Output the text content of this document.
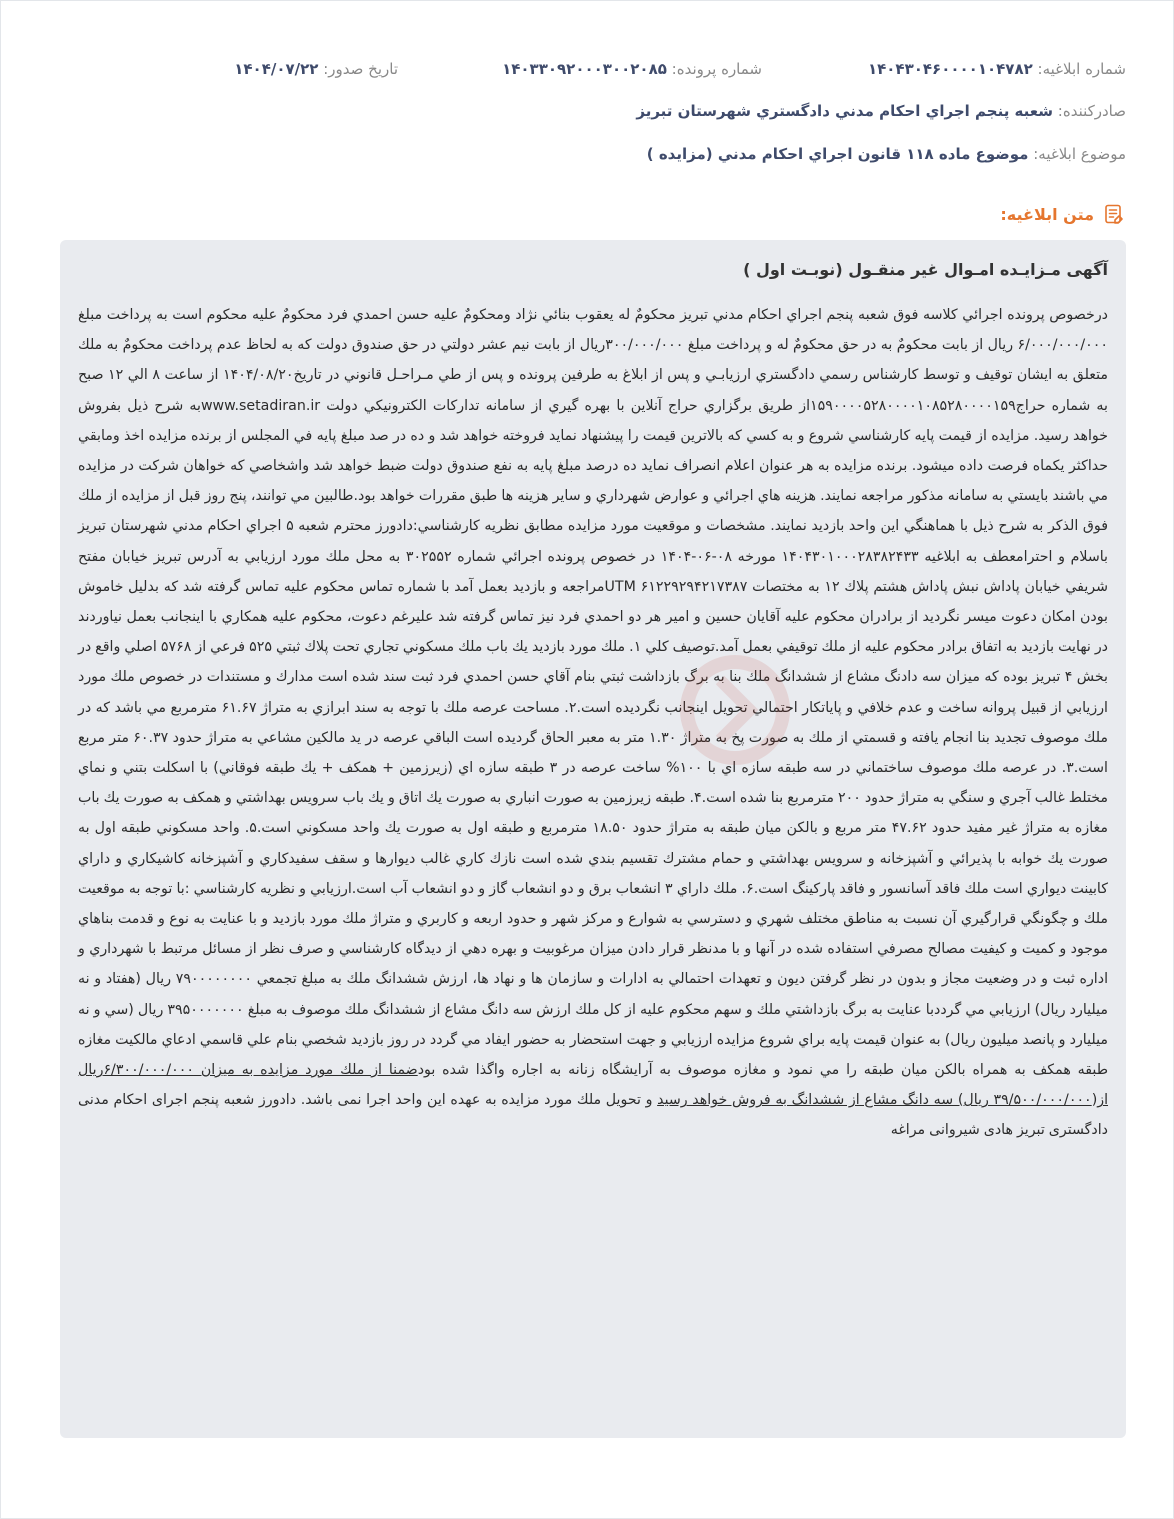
شماره ابلاغیه: ۱۴۰۴۳۰۴۶۰۰۰۰۱۰۴۷۸۲
شماره پرونده: ۱۴۰۳۳۰۹۲۰۰۰۳۰۰۲۰۸۵
تاریخ صدور: ۱۴۰۴/۰۷/۲۲
صادرکننده: شعبه پنجم اجراي احكام مدني دادگستري شهرستان تبريز
موضوع ابلاغیه: موضوع ماده ۱۱۸ قانون اجراي احكام مدني (مزايده )
متن ابلاغیه:
آگهی مـزایـده امـوال غیر منقـول (نوبـت اول )

درخصوص پرونده اجرائي كلاسه فوق شعبه پنجم اجراي احكام مدني تبريز محكومٌ له يعقوب بنائي نژاد ومحكومٌ عليه حسن احمدي فرد محكومٌ عليه محكوم است به پرداخت مبلغ ۶/۰۰۰/۰۰۰/۰۰۰ ريال از بابت محكومٌ به در حق محكومٌ له و پرداخت مبلغ ۳۰۰/۰۰۰/۰۰۰ريال از بابت نيم عشر دولتي در حق صندوق دولت كه به لحاظ عدم پرداخت محكومٌ به ملك متعلق به ايشان توقيف و توسط كارشناس رسمي دادگستري ارزيابـي و پس از ابلاغ به طرفين پرونده و پس از طي مـراحـل قانوني در تاريخ۱۴۰۴/۰۸/۲۰ از ساعت ۸ الي ۱۲ صبح به شماره حراج۱۵۹۰۰۰۰۵۲۸۰۰۰۰۱۰۸۵۲۸۰۰۰۰۱۵۹از طريق برگزاري حراج آنلاين با بهره گيري از سامانه تداركات الكترونيكي دولت www.setadiran.irبه شرح ذيل بفروش خواهد رسيد. مزايده از قيمت پايه كارشناسي شروع و به كسي كه بالاترين قيمت را پيشنهاد نمايد فروخته خواهد شد و ده در صد مبلغ پايه في المجلس از برنده مزايده اخذ ومابقي حداكثر يكماه فرصت داده ميشود. برنده مزايده به هر عنوان اعلام انصراف نمايد ده درصد مبلغ پايه به نفع صندوق دولت ضبط خواهد شد واشخاصي كه خواهان شركت در مزايده مي باشند بايستي به سامانه مذكور مراجعه نمايند. هزينه هاي اجرائي و عوارض شهرداري و ساير هزينه ها طبق مقررات خواهد بود.طالبين مي توانند، پنج روز قبل از مزايده از ملك فوق الذكر به شرح ذيل با هماهنگي اين واحد بازديد نمايند. مشخصات و موقعيت مورد مزايده مطابق نظريه كارشناسي:دادورز محترم شعبه ۵ اجراي احكام مدني شهرستان تبريز باسلام و احترامعطف به ابلاغيه ۱۴۰۴۳۰۱۰۰۰۲۸۳۸۲۴۳۳ مورخه ۰۸-۰۶-۱۴۰۴ در خصوص پرونده اجرائي شماره ۳۰۲۵۵۲ به محل ملك مورد ارزيابي به آدرس تبريز خيابان مفتح شريفي خيابان پاداش نبش پاداش هشتم پلاك ۱۲ به مختصات UTM ۶۱۲۲۹۲۹۴۲۱۷۳۸۷مراجعه و بازديد بعمل آمد با شماره تماس محكوم عليه تماس گرفته شد كه بدليل خاموش بودن امكان دعوت ميسر نگرديد از برادران محكوم عليه آقايان حسين و امير هر دو احمدي فرد نيز تماس گرفته شد عليرغم دعوت، محكوم عليه همكاري با اينجانب بعمل نياوردند در نهايت بازديد به اتفاق برادر محكوم عليه از ملك توقيفي بعمل آمد.توصيف كلي ۱. ملك مورد بازديد يك باب ملك مسكوني تجاري تحت پلاك ثبتي ۵۲۵ فرعي از ۵۷۶۸ اصلي واقع در بخش ۴ تبريز بوده كه ميزان سه دادنگ مشاع از ششدانگ ملك بنا به برگ بازداشت ثبتي بنام آقاي حسن احمدي فرد ثبت سند شده است مدارك و مستندات در خصوص ملك مورد ارزيابي از قبيل پروانه ساخت و عدم خلافي و پاياتكار احتمالي تحويل اينجانب نگرديده است.۲. مساحت عرصه ملك با توجه به سند ابرازي به متراژ ۶۱.۶۷ مترمربع مي باشد كه در ملك موصوف تجديد بنا انجام يافته و قسمتي از ملك به صورت پخ به متراژ ۱.۳۰ متر به معبر الحاق گرديده است الباقي عرصه در يد مالكين مشاعي به متراژ حدود ۶۰.۳۷ متر مربع است.۳. در عرصه ملك موصوف ساختماني در سه طبقه سازه اي با ۱۰۰% ساخت عرصه در ۳ طبقه سازه اي (زيرزمين + همكف + يك طبقه فوقاني) با اسكلت بتني و نماي مختلط غالب آجري و سنگي به متراژ حدود ۲۰۰ مترمربع بنا شده است.۴. طبقه زيرزمين به صورت انباري به صورت يك اتاق و يك باب سرويس بهداشتي و همكف به صورت يك باب مغازه به متراژ غير مفيد حدود ۴۷.۶۲ متر مربع و بالكن ميان طبقه به متراژ حدود ۱۸.۵۰ مترمربع و طبقه اول به صورت يك واحد مسكوني است.۵. واحد مسكوني طبقه اول به صورت يك خوابه با پذيرائي و آشپزخانه و سرويس بهداشتي و حمام مشترك تقسيم بندي شده است نازك كاري غالب ديوارها و سقف سفيدكاري و آشپزخانه كاشيكاري و داراي كابينت ديواري است ملك فاقد آسانسور و فاقد پاركينگ است.۶. ملك داراي ۳ انشعاب برق و دو انشعاب گاز و دو انشعاب آب است.ارزيابي و نظريه كارشناسي :با توجه به موقعيت ملك و چگونگي قرارگيري آن نسبت به مناطق مختلف شهري و دسترسي به شوارع و مركز شهر و حدود اربعه و كاربري و متراژ ملك مورد بازديد و با عنايت به نوع و قدمت بناهاي موجود و كميت و كيفيت مصالح مصرفي استفاده شده در آنها و با مدنظر قرار دادن ميزان مرغوبيت و بهره دهي از ديدگاه كارشناسي و صرف نظر از مسائل مرتبط با شهرداري و اداره ثبت و در وضعيت مجاز و بدون در نظر گرفتن ديون و تعهدات احتمالي به ادارات و سازمان ها و نهاد ها، ارزش ششدانگ ملك به مبلغ تجمعي ۷۹۰۰۰۰۰۰۰۰ ريال (هفتاد و نه ميليارد ريال) ارزيابي مي گرددبا عنايت به برگ بازداشتي ملك و سهم محكوم عليه از كل ملك ارزش سه دانگ مشاع از ششدانگ ملك موصوف به مبلغ ۳۹۵۰۰۰۰۰۰۰ ريال (سي و نه ميليارد و پانصد ميليون ريال) به عنوان قيمت پايه براي شروع مزايده ارزيابي و جهت استحضار به حضور ايفاد مي گردد در روز بازديد شخصي بنام علي قاسمي ادعاي مالكيت مغازه طبقه همكف به همراه بالكن ميان طبقه را مي نمود و مغازه موصوف به آرايشگاه زنانه به اجاره واگذا شده بودضمنا از ملك مورد مزايده به ميزان ۶/۳۰۰/۰۰۰/۰۰۰ريال از(۳۹/۵۰۰/۰۰۰/۰۰۰ ريال) سه دانگ مشاع از ششدانگ به فروش خواهد رسيد و تحويل ملك مورد مزايده به عهده اين واحد اجرا نمی باشد. دادورز شعبه پنجم اجرای احکام مدنی دادگستری تبریز هادی شیروانی مراغه
